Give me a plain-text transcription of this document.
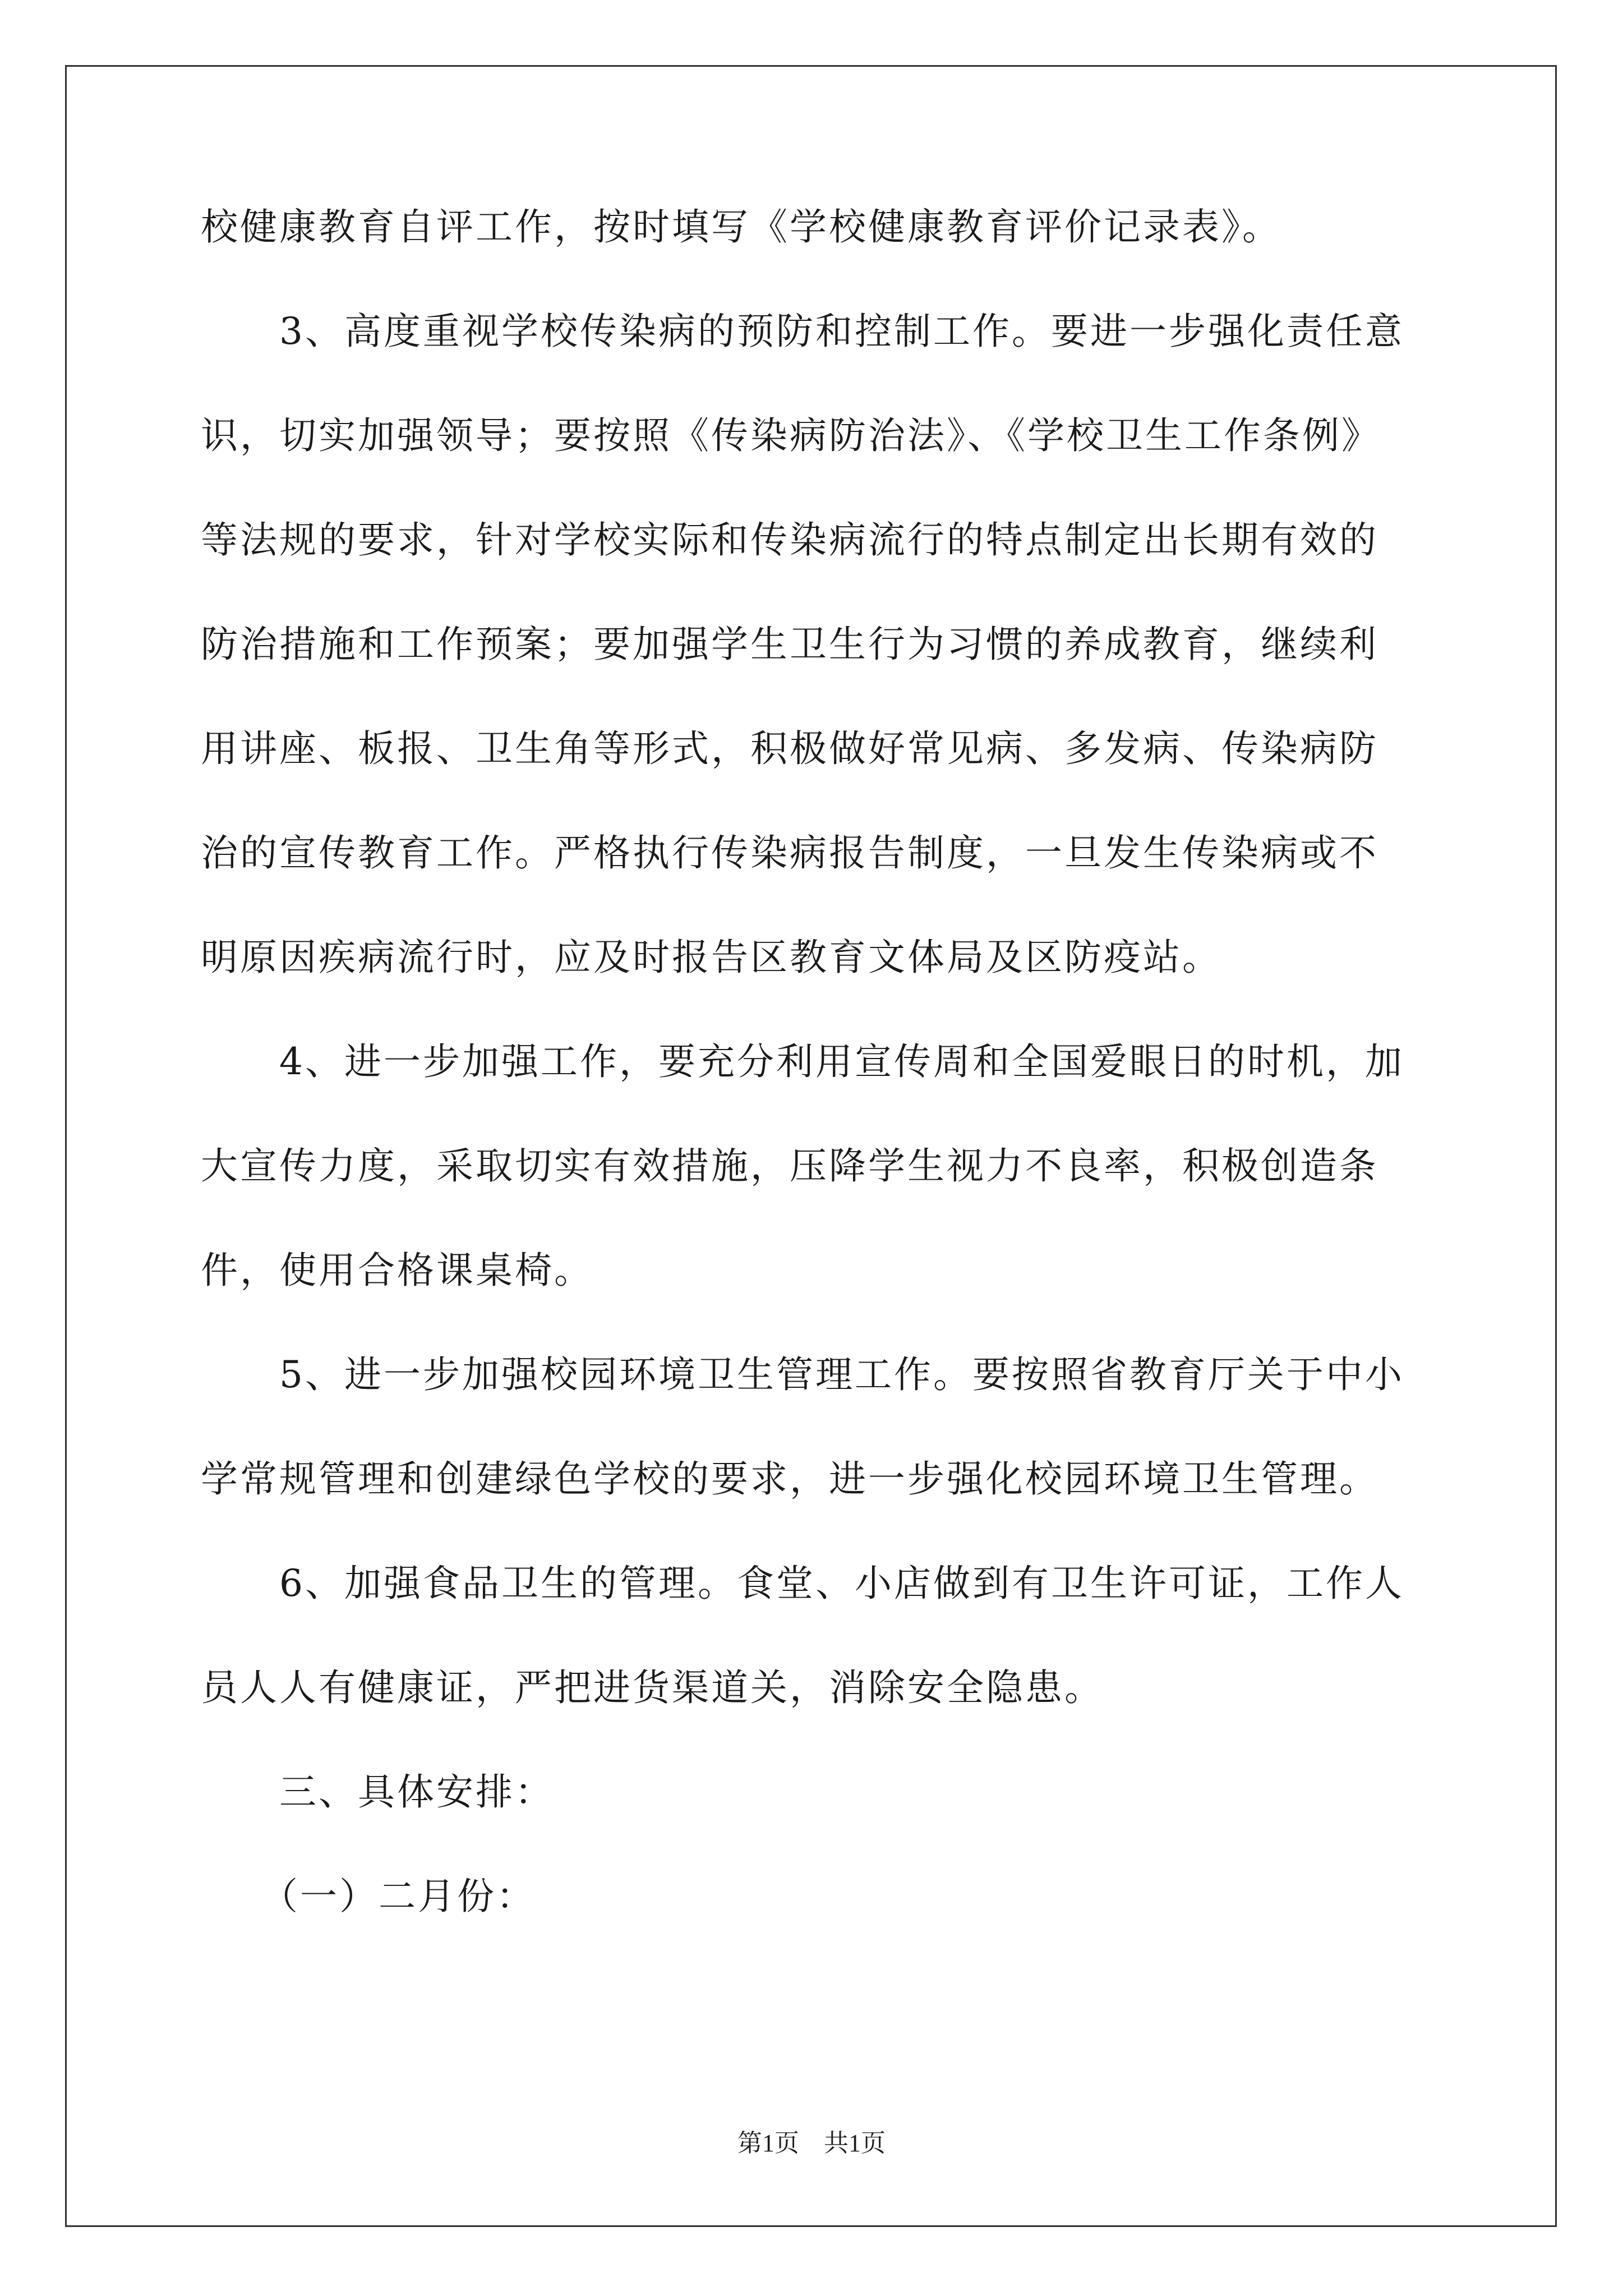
校健康教育自评工作，按时填写《学校健康教育评价记录表》。
　　3、高度重视学校传染病的预防和控制工作。要进一步强化责任意
识，切实加强领导；要按照《传染病防治法》、《学校卫生工作条例》
等法规的要求，针对学校实际和传染病流行的特点制定出长期有效的
防治措施和工作预案；要加强学生卫生行为习惯的养成教育，继续利
用讲座、板报、卫生角等形式，积极做好常见病、多发病、传染病防
治的宣传教育工作。严格执行传染病报告制度，一旦发生传染病或不
明原因疾病流行时，应及时报告区教育文体局及区防疫站。
　　4、进一步加强工作，要充分利用宣传周和全国爱眼日的时机，加
大宣传力度，采取切实有效措施，压降学生视力不良率，积极创造条
件，使用合格课桌椅。
　　5、进一步加强校园环境卫生管理工作。要按照省教育厅关于中小
学常规管理和创建绿色学校的要求，进一步强化校园环境卫生管理。
　　6、加强食品卫生的管理。食堂、小店做到有卫生许可证，工作人
员人人有健康证，严把进货渠道关，消除安全隐患。
　　三、具体安排：
　　（一）二月份：
第1页　共1页
